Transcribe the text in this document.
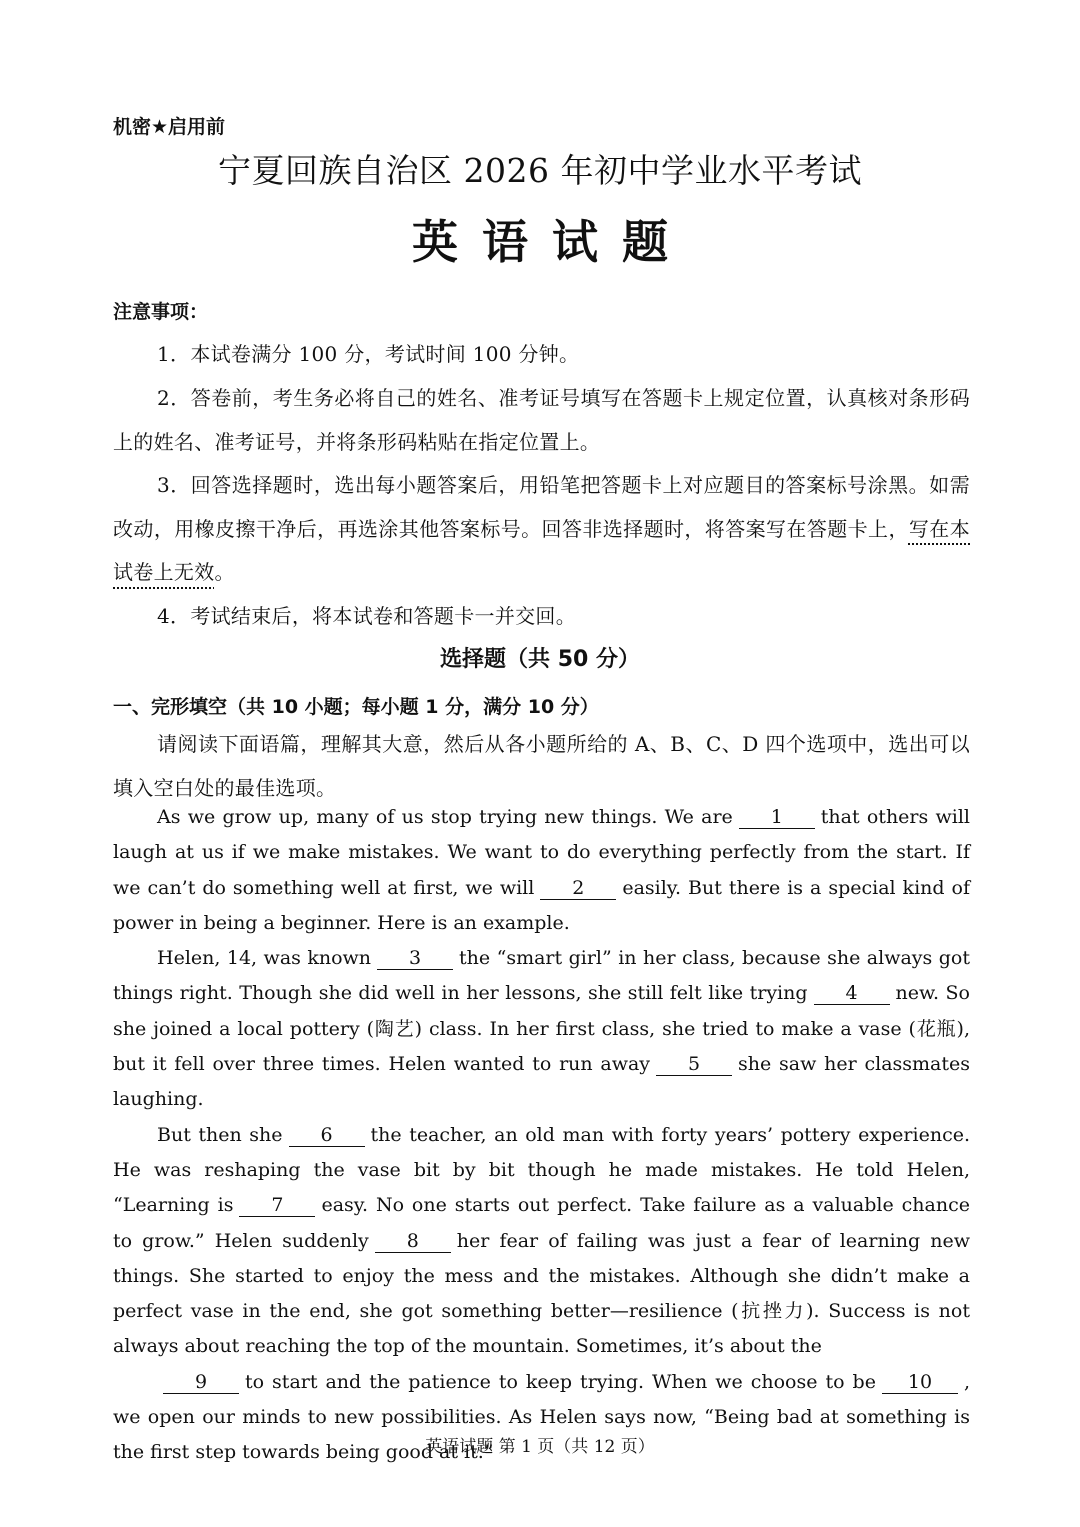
机密★启用前
宁夏回族自治区 2026 年初中学业水平考试
英语试题
注意事项：
1．本试卷满分 100 分，考试时间 100 分钟。
2．答卷前，考生务必将自己的姓名、准考证号填写在答题卡上规定位置，认真核对条形码上的姓名、准考证号，并将条形码粘贴在指定位置上。
3．回答选择题时，选出每小题答案后，用铅笔把答题卡上对应题目的答案标号涂黑。如需改动，用橡皮擦干净后，再选涂其他答案标号。回答非选择题时，将答案写在答题卡上，写在本试卷上无效。
4．考试结束后，将本试卷和答题卡一并交回。
选择题（共 50 分）
一、完形填空（共 10 小题；每小题 1 分，满分 10 分）
请阅读下面语篇，理解其大意，然后从各小题所给的 A、B、C、D 四个选项中，选出可以填入空白处的最佳选项。

As we grow up, many of us stop trying new things. We are 1 that others will laugh at us if we make mistakes. We want to do everything perfectly from the start. If we can’t do something well at first, we will 2 easily. But there is a special kind of power in being a beginner. Here is an example.

Helen, 14, was known 3 the “smart girl” in her class, because she always got things right. Though she did well in her lessons, she still felt like trying 4 new. So she joined a local pottery (陶艺) class. In her first class, she tried to make a vase (花瓶), but it fell over three times. Helen wanted to run away 5 she saw her classmates laughing.

But then she 6 the teacher, an old man with forty years’ pottery experience. He was reshaping the vase bit by bit though he made mistakes. He told Helen, “Learning is 7 easy. No one starts out perfect. Take failure as a valuable chance to grow.” Helen suddenly 8 her fear of failing was just a fear of learning new things. She started to enjoy the mess and the mistakes. Although she didn’t make a perfect vase in the end, she got something better—resilience (抗挫力). Success is not always about reaching the top of the mountain. Sometimes, it’s about the

9 to start and the patience to keep trying. When we choose to be 10 , we open our minds to new possibilities. As Helen says now, “Being bad at something is the first step towards being good at it.”

英语试题 第 1 页（共 12 页）
